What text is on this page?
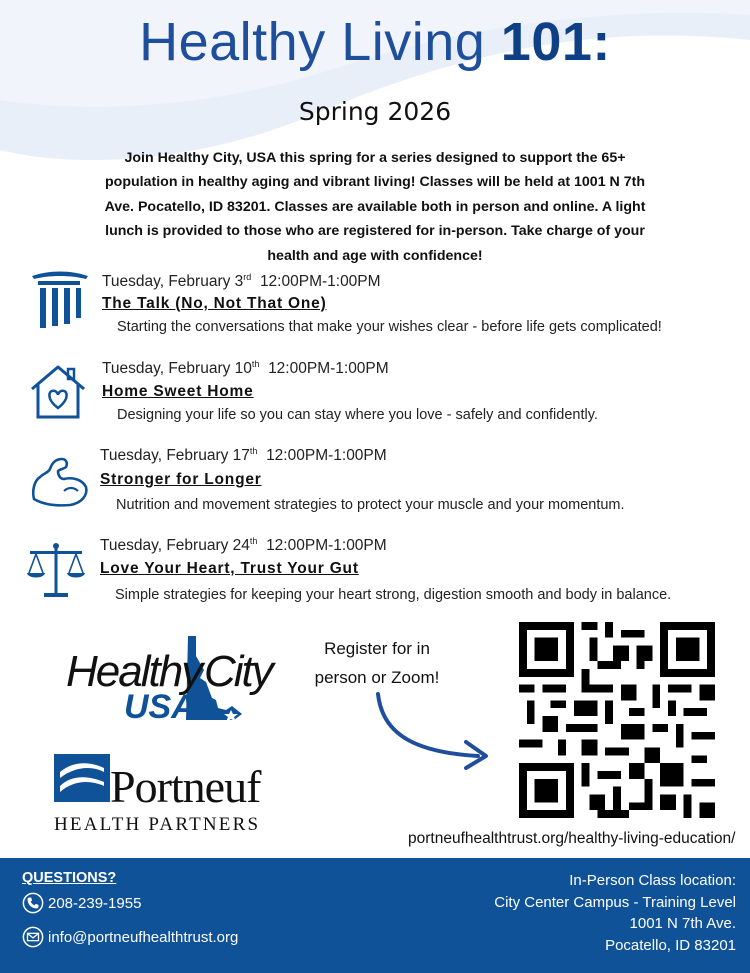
Healthy Living 101:
Spring 2026
Join Healthy City, USA this spring for a series designed to support the 65+ population in healthy aging and vibrant living! Classes will be held at 1001 N 7th Ave. Pocatello, ID 83201. Classes are available both in person and online. A light lunch is provided to those who are registered for in-person. Take charge of your health and age with confidence!
Tuesday, February 3rd 12:00PM-1:00PM
The Talk (No, Not That One)
Starting the conversations that make your wishes clear - before life gets complicated!
Tuesday, February 10th 12:00PM-1:00PM
Home Sweet Home
Designing your life so you can stay where you love - safely and confidently.
Tuesday, February 17th 12:00PM-1:00PM
Stronger for Longer
Nutrition and movement strategies to protect your muscle and your momentum.
Tuesday, February 24th 12:00PM-1:00PM
Love Your Heart, Trust Your Gut
Simple strategies for keeping your heart strong, digestion smooth and body in balance.
Healthy City
USA
Register for in person or Zoom!
portneufhealthtrust.org/healthy-living-education/
Portneuf
HEALTH PARTNERS
QUESTIONS?
208-239-1955
info@portneufhealthtrust.org
In-Person Class location:
City Center Campus - Training Level
1001 N 7th Ave.
Pocatello, ID 83201
